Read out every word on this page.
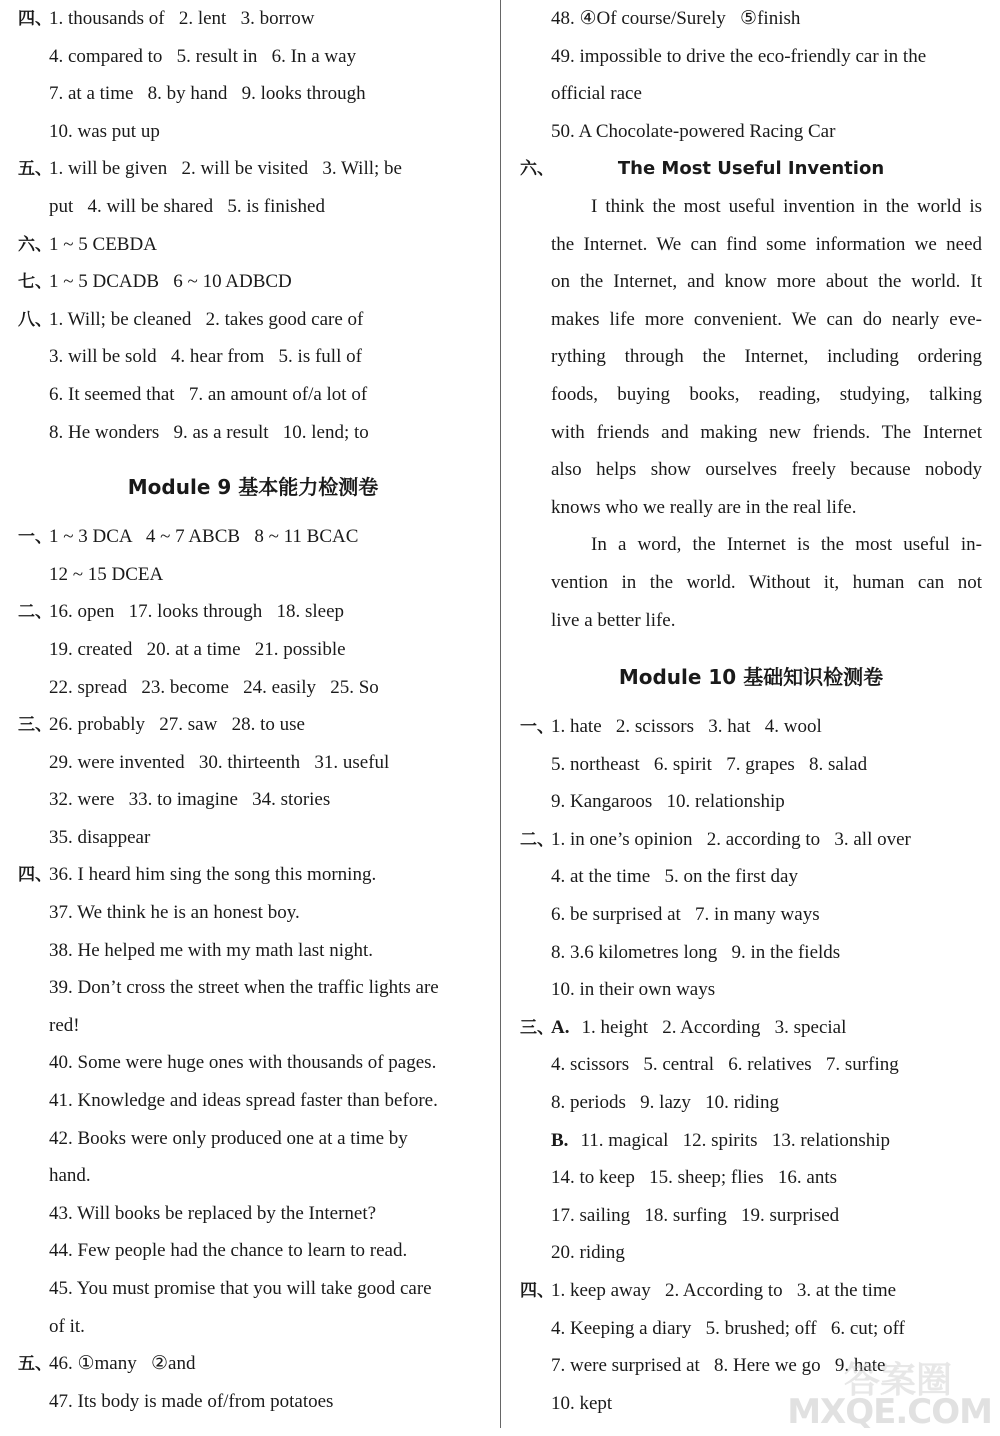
四、1. thousands of   2. lent   3. borrow
4. compared to   5. result in   6. In a way
7. at a time   8. by hand   9. looks through
10. was put up
五、1. will be given   2. will be visited   3. Will; be
put   4. will be shared   5. is finished
六、1 ~ 5 CEBDA
七、1 ~ 5 DCADB   6 ~ 10 ADBCD
八、1. Will; be cleaned   2. takes good care of
3. will be sold   4. hear from   5. is full of
6. It seemed that   7. an amount of/a lot of
8. He wonders   9. as a result   10. lend; to
Module 9 基本能力检测卷
一、1 ~ 3 DCA   4 ~ 7 ABCB   8 ~ 11 BCAC
12 ~ 15 DCEA
二、16. open   17. looks through   18. sleep
19. created   20. at a time   21. possible
22. spread   23. become   24. easily   25. So
三、26. probably   27. saw   28. to use
29. were invented   30. thirteenth   31. useful
32. were   33. to imagine   34. stories
35. disappear
四、36. I heard him sing the song this morning.
37. We think he is an honest boy.
38. He helped me with my math last night.
39. Don’t cross the street when the traffic lights are
red!
40. Some were huge ones with thousands of pages.
41. Knowledge and ideas spread faster than before.
42. Books were only produced one at a time by
hand.
43. Will books be replaced by the Internet?
44. Few people had the chance to learn to read.
45. You must promise that you will take good care
of it.
五、46. ①many   ②and
47. Its body is made of/from potatoes
48. ④Of course/Surely   ⑤finish
49. impossible to drive the eco-friendly car in the
official race
50. A Chocolate-powered Racing Car
六、	The Most Useful Invention
I think the most useful invention in the world is
the Internet. We can find some information we need
on the Internet, and know more about the world. It
makes life more convenient. We can do nearly eve-
rything through the Internet, including ordering
foods, buying books, reading, studying, talking
with friends and making new friends. The Internet
also helps show ourselves freely because nobody
knows who we really are in the real life.
In a word, the Internet is the most useful in-
vention in the world. Without it, human can not
live a better life.
Module 10 基础知识检测卷
一、1. hate   2. scissors   3. hat   4. wool
5. northeast   6. spirit   7. grapes   8. salad
9. Kangaroos   10. relationship
二、1. in one’s opinion   2. according to   3. all over
4. at the time   5. on the first day
6. be surprised at   7. in many ways
8. 3.6 kilometres long   9. in the fields
10. in their own ways
三、A. 1. height   2. According   3. special
4. scissors   5. central   6. relatives   7. surfing
8. periods   9. lazy   10. riding
B. 11. magical   12. spirits   13. relationship
14. to keep   15. sheep; flies   16. ants
17. sailing   18. surfing   19. surprised
20. riding
四、1. keep away   2. According to   3. at the time
4. Keeping a diary   5. brushed; off   6. cut; off
7. were surprised at   8. Here we go   9. hate
10. kept
答案圈
MXQE.COM
